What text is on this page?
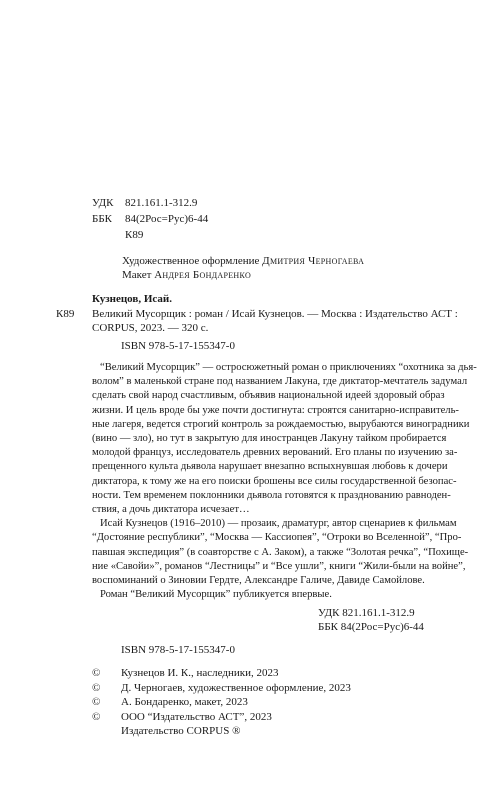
УДК 821.161.1-312.9
ББК 84(2Рос=Рус)6-44
К89
Художественное оформление Дмитрия Черногаева
Макет Андрея Бондаренко
Кузнецов, Исай.
К89 Великий Мусорщик : роман / Исай Кузнецов. — Москва : Издательство АСТ :
CORPUS, 2023. — 320 с.
ISBN 978-5-17-155347-0
“Великий Мусорщик” — остросюжетный роман о приключениях “охотника за дья-
волом” в маленькой стране под названием Лакуна, где диктатор-мечтатель задумал
сделать свой народ счастливым, объявив национальной идеей здоровый образ
жизни. И цель вроде бы уже почти достигнута: строятся санитарно-исправитель-
ные лагеря, ведется строгий контроль за рождаемостью, вырубаются виноградники
(вино — зло), но тут в закрытую для иностранцев Лакуну тайком пробирается
молодой француз, исследователь древних верований. Его планы по изучению за-
прещенного культа дьявола нарушает внезапно вспыхнувшая любовь к дочери
диктатора, к тому же на его поиски брошены все силы государственной безопас-
ности. Тем временем поклонники дьявола готовятся к празднованию равноден-
ствия, а дочь диктатора исчезает…
Исай Кузнецов (1916–2010) — прозаик, драматург, автор сценариев к фильмам
“Достояние республики”, “Москва — Кассиопея”, “Отроки во Вселенной”, “Про-
павшая экспедиция” (в соавторстве с А. Заком), а также “Золотая речка”, “Похище-
ние «Савойи»”, романов “Лестницы” и “Все ушли”, книги “Жили-были на войне”,
воспоминаний о Зиновии Гердте, Александре Галиче, Давиде Самойлове.
Роман “Великий Мусорщик” публикуется впервые.
УДК 821.161.1-312.9
ББК 84(2Рос=Рус)6-44
ISBN 978-5-17-155347-0
© Кузнецов И. К., наследники, 2023
© Д. Черногаев, художественное оформление, 2023
© А. Бондаренко, макет, 2023
© ООО “Издательство АСТ”, 2023
Издательство CORPUS ®
